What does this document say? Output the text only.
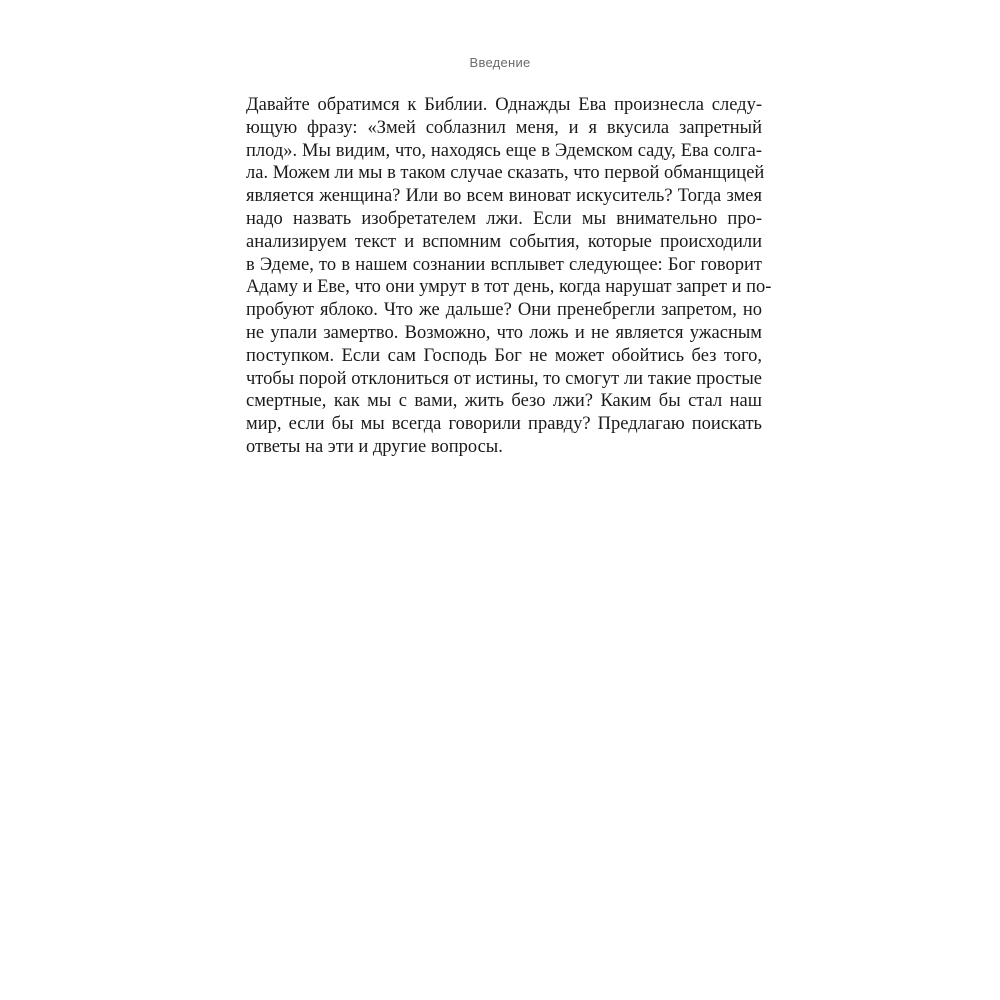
Введение
Давайте обратимся к Библии. Однажды Ева произнесла следу-
ющую фразу: «Змей соблазнил меня, и я вкусила запретный
плод». Мы видим, что, находясь еще в Эдемском саду, Ева солга-
ла. Можем ли мы в таком случае сказать, что первой обманщицей
является женщина? Или во всем виноват искуситель? Тогда змея
надо назвать изобретателем лжи. Если мы внимательно про-
анализируем текст и вспомним события, которые происходили
в Эдеме, то в нашем сознании всплывет следующее: Бог говорит
Адаму и Еве, что они умрут в тот день, когда нарушат запрет и по-
пробуют яблоко. Что же дальше? Они пренебрегли запретом, но
не упали замертво. Возможно, что ложь и не является ужасным
поступком. Если сам Господь Бог не может обойтись без того,
чтобы порой отклониться от истины, то смогут ли такие простые
смертные, как мы с вами, жить безо лжи? Каким бы стал наш
мир, если бы мы всегда говорили правду? Предлагаю поискать
ответы на эти и другие вопросы.
